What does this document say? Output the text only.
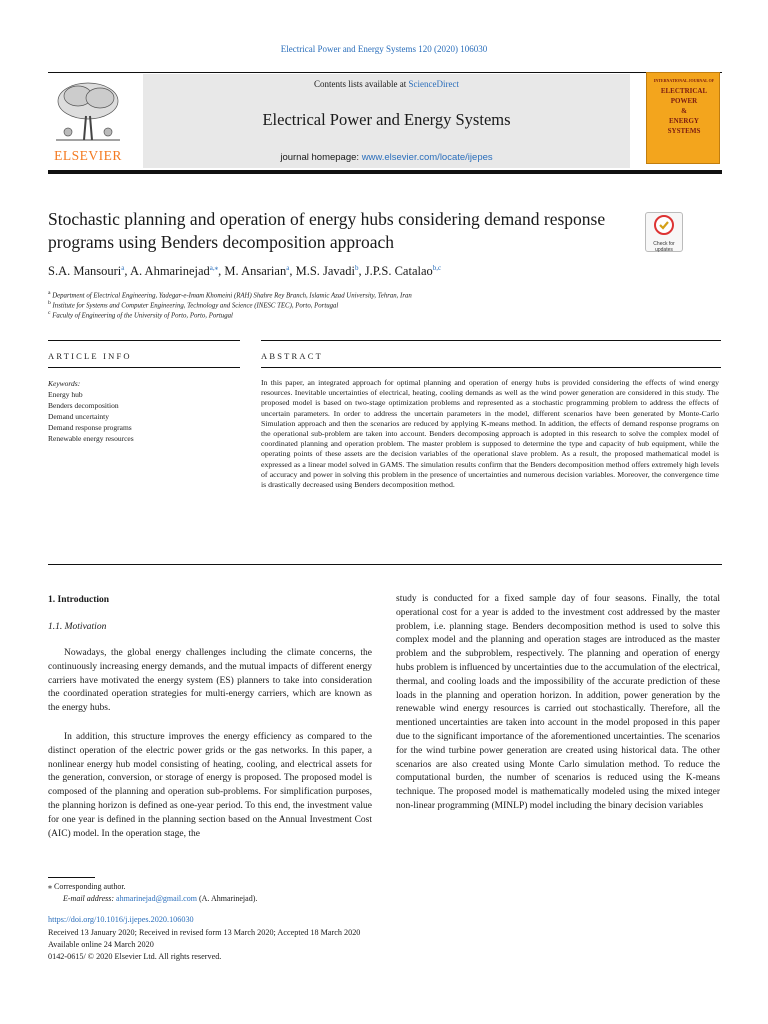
Electrical Power and Energy Systems 120 (2020) 106030
ELSEVIER
Contents lists available at ScienceDirect
Electrical Power and Energy Systems
journal homepage: www.elsevier.com/locate/ijepes
INTERNATIONAL JOURNAL OF
ELECTRICAL
POWER
&
ENERGY
SYSTEMS
Stochastic planning and operation of energy hubs considering demand response programs using Benders decomposition approach	Check for updates
S.A. Mansouri$^a$, A. Ahmarinejad$^{a,⁎}$, M. Ansarian$^a$, M.S. Javadi$^b$, J.P.S. Catalao$^{b,c}$
$^a$ Department of Electrical Engineering, Yadegar-e-Imam Khomeini (RAH) Shahre Rey Branch, Islamic Azad University, Tehran, Iran
$^b$ Institute for Systems and Computer Engineering, Technology and Science (INESC TEC), Porto, Portugal
$^c$ Faculty of Engineering of the University of Porto, Porto, Portugal
ARTICLE INFO
Keywords:
Energy hub
Benders decomposition
Demand uncertainty
Demand response programs
Renewable energy resources
ABSTRACT
In this paper, an integrated approach for optimal planning and operation of energy hubs is provided considering the effects of wind energy resources. Inevitable uncertainties of electrical, heating, cooling demands as well as the wind power generation are considered in this study. The proposed model is based on two-stage optimization problems and represented as a stochastic programming problem to address the effects of uncertain parameters. In order to address the uncertain parameters in the model, different scenarios have been generated by Monte-Carlo Simulation approach and then the scenarios are reduced by applying K-means method. In addition, the effects of demand response programs on the operational sub-problem are taken into account. Benders decomposing approach is adopted in this research to solve the complex model of coordinated planning and operation problem. The master problem is supposed to determine the type and capacity of hub equipment, while the operating points of these assets are the decision variables of the operational slave problem. As a result, the proposed mathematical model is expressed as a linear model solved in GAMS. The simulation results confirm that the Benders decomposition method offers extremely high levels of accuracy and power in solving this problem in the presence of uncertainties and numerous decision variables. Moreover, the convergence time is drastically decreased using Benders decomposition method.
1. Introduction
1.1. Motivation
Nowadays, the global energy challenges including the climate concerns, the continuously increasing energy demands, and the mutual impacts of different energy carriers have motivated the energy system (ES) planners to take into consideration the coordinated operation strategies for multi-energy carriers, which are known as the energy hubs.
In addition, this structure improves the energy efficiency as compared to the distinct operation of the electric power grids or the gas networks. In this paper, a nonlinear energy hub model consisting of heating, cooling, and electrical assets for the generation, conversion, or storage of energy is proposed. The proposed model is composed of the planning and operation sub-problems. For simplification purposes, the planning horizon is defined as one-year period. To this end, the investment value for one year is defined in the planning section based on the Annual Investment Cost (AIC) model. In the operation stage, the
study is conducted for a fixed sample day of four seasons. Finally, the total operational cost for a year is added to the investment cost addressed by the master problem, i.e. planning stage. Benders decomposition method is used to solve this complex model and the planning and operation stages are introduced as the master problem and the subproblem, respectively. The planning and operation of energy hubs problem is influenced by uncertainties due to the accumulation of the electrical, thermal, and cooling loads and the impossibility of the accurate prediction of these loads in the planning and operation horizon. In addition, power generation by the renewable wind energy resources is carried out stochastically. Therefore, all the mentioned uncertainties are taken into account in the model proposed in this paper due to the significant importance of the aforementioned uncertainties. The scenarios for the wind turbine power generation are created using historical data. The other scenarios are also created using Monte Carlo simulation method. To reduce the computational burden, the number of scenarios is reduced using the K-means technique. The proposed model is mathematically modeled using the mixed integer non-linear programming (MINLP) model including the binary decision variables
⁎ Corresponding author.
E-mail address: ahmarinejad@gmail.com (A. Ahmarinejad).
https://doi.org/10.1016/j.ijepes.2020.106030
Received 13 January 2020; Received in revised form 13 March 2020; Accepted 18 March 2020
Available online 24 March 2020
0142-0615/ © 2020 Elsevier Ltd. All rights reserved.
